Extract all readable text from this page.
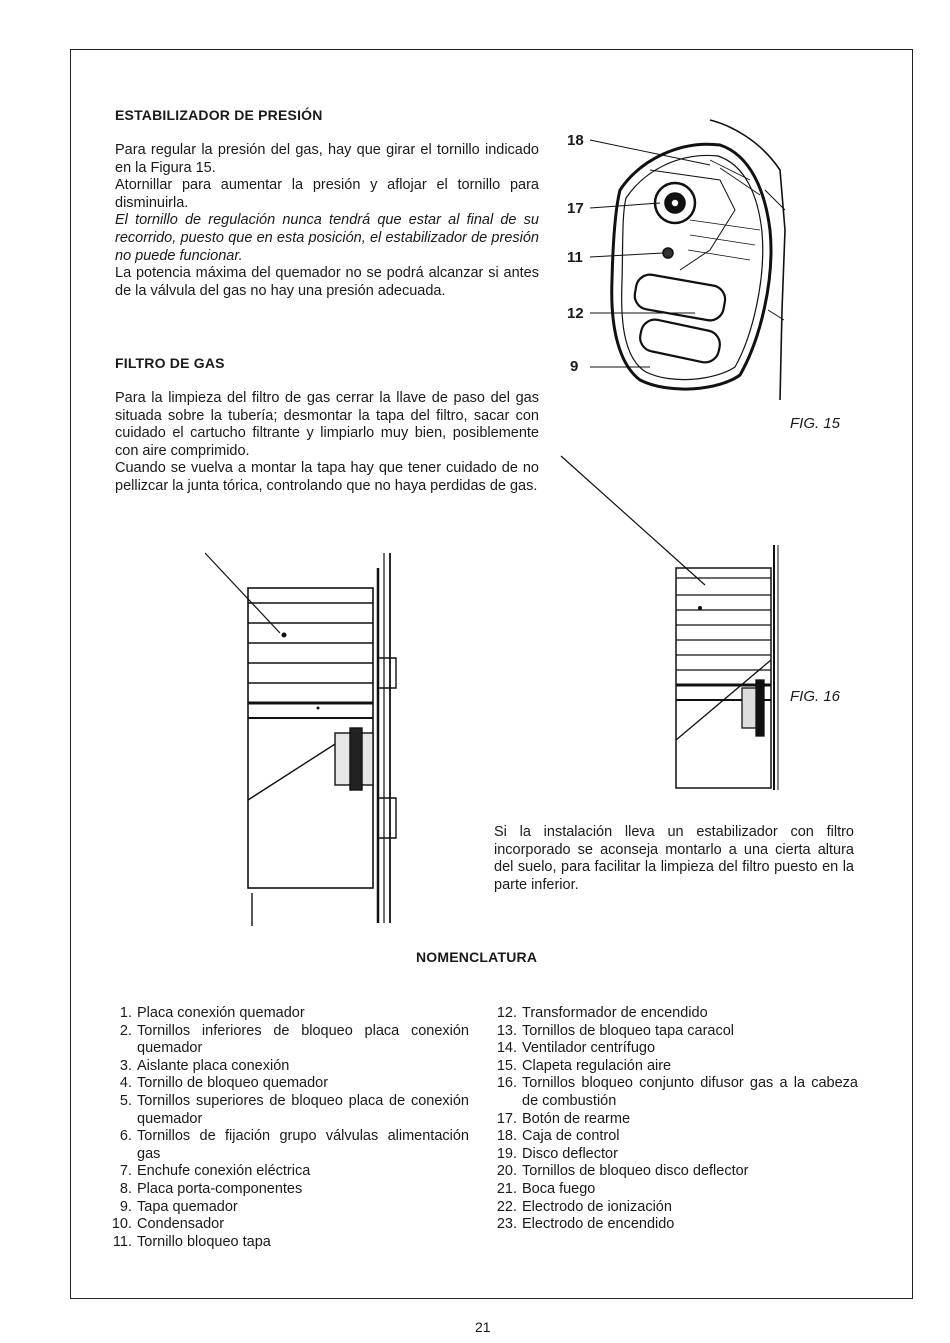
ESTABILIZADOR DE PRESIÓN
Para regular la presión del gas, hay que girar el tornillo indicado en la Figura 15.
Atornillar para aumentar la presión y aflojar el tornillo para disminuirla.
El tornillo de regulación nunca tendrá que estar al final de su recorrido, puesto que en esta posición, el estabilizador de presión no puede funcionar.
La potencia máxima del quemador no se podrá alcanzar si antes de la válvula del gas no hay una presión adecuada.
FILTRO DE GAS
Para la limpieza del filtro de gas cerrar la llave de paso del gas situada sobre la tubería; desmontar la tapa del filtro, sacar con cuidado el cartucho filtrante y limpiarlo muy bien, posiblemente con aire comprimido.
Cuando se vuelva a montar la tapa hay que tener cuidado de no pellizcar la junta tórica, controlando que no haya perdidas de gas.
18
17
11
12
9
FIG. 15
FIG. 16
Si la instalación lleva un estabilizador con filtro incorporado se aconseja montarlo a una cierta altura del suelo, para facilitar la limpieza del filtro puesto en la parte inferior.
NOMENCLATURA
1. Placa conexión quemador
2. Tornillos inferiores de bloqueo placa conexión quemador
3. Aislante placa conexión
4. Tornillo de bloqueo quemador
5. Tornillos superiores de bloqueo placa de conexión quemador
6. Tornillos de fijación grupo válvulas alimentación gas
7. Enchufe conexión eléctrica
8. Placa porta-componentes
9. Tapa quemador
10. Condensador
11. Tornillo bloqueo tapa
12. Transformador de encendido
13. Tornillos de bloqueo tapa caracol
14. Ventilador centrífugo
15. Clapeta regulación aire
16. Tornillos bloqueo conjunto difusor gas a la cabeza de combustión
17. Botón de rearme
18. Caja de control
19. Disco deflector
20. Tornillos de bloqueo disco deflector
21. Boca fuego
22. Electrodo de ionización
23. Electrodo de encendido
21
